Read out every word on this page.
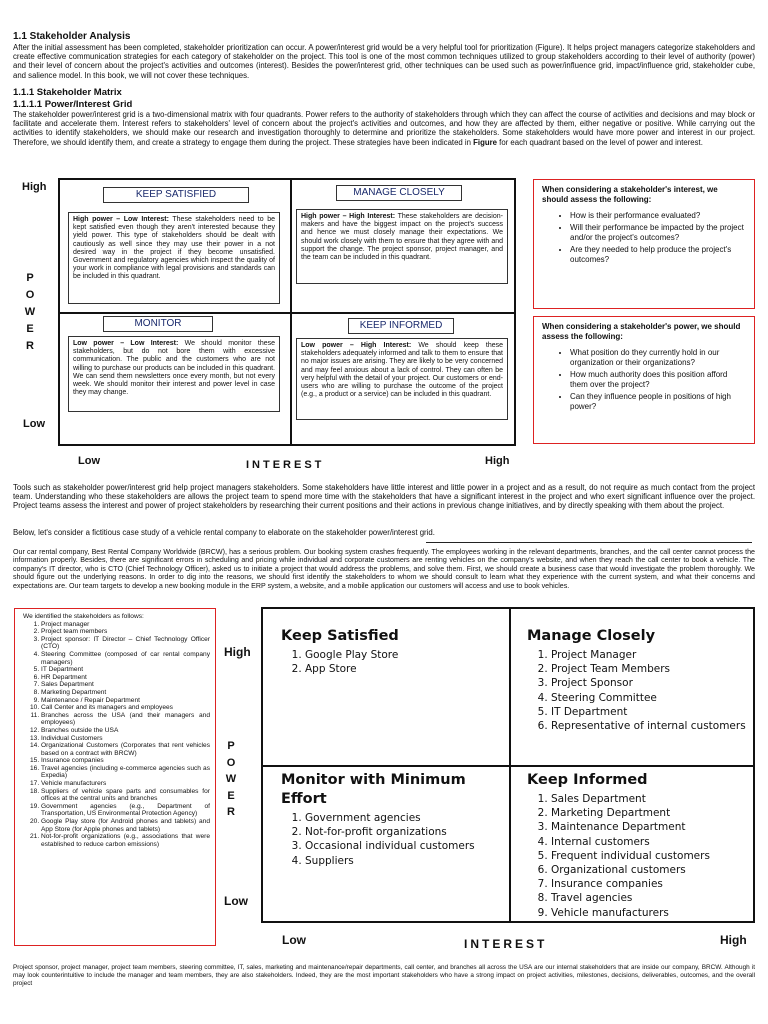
1.1 Stakeholder Analysis
After the initial assessment has been completed, stakeholder prioritization can occur. A power/interest grid would be a very helpful tool for prioritization (Figure). It helps project managers categorize stakeholders and create effective communication strategies for each category of stakeholder on the project. This tool is one of the most common techniques utilized to group stakeholders according to their level of authority (power) and their level of concern about the project's activities and outcomes (interest). Besides the power/interest grid, other techniques can be used such as power/influence grid, impact/influence grid, stakeholder cube, and salience model. In this book, we will not cover these techniques.
1.1.1 Stakeholder Matrix
1.1.1.1 Power/Interest Grid
The stakeholder power/interest grid is a two-dimensional matrix with four quadrants. Power refers to the authority of stakeholders through which they can affect the course of activities and decisions and may block or facilitate and accelerate them. Interest refers to stakeholders' level of concern about the project's activities and outcomes, and how they are affected by them, either negative or positive. While carrying out the activities to identify stakeholders, we should make our research and investigation thoroughly to determine and prioritize the stakeholders. Some stakeholders would have more power and interest in our project. Therefore, we should identify them, and create a strategy to engage them during the project. These strategies have been indicated in Figure for each quadrant based on the level of power and interest.
High
P
O
W
E
R
Low
KEEP SATISFIED
High power – Low Interest: These stakeholders need to be kept satisfied even though they aren't interested because they yield power. This type of stakeholders should be dealt with cautiously as well since they may use their power in a not desired way in the project if they become unsatisfied. Government and regulatory agencies which inspect the quality of your work in compliance with legal provisions and standards can be included in this quadrant.
MANAGE CLOSELY
High power – High Interest: These stakeholders are decision-makers and have the biggest impact on the project's success and hence we must closely manage their expectations. We should work closely with them to ensure that they agree with and support the change. The project sponsor, project manager, and the team can be included in this quadrant.
MONITOR
Low power – Low Interest: We should monitor these stakeholders, but do not bore them with excessive communication. The public and the customers who are not willing to purchase our products can be included in this quadrant. We can send them newsletters once every month, but not every week. We should monitor their interest and power level in case they may change.
KEEP INFORMED
Low power – High Interest: We should keep these stakeholders adequately informed and talk to them to ensure that no major issues are arising. They are likely to be very concerned and may feel anxious about a lack of control. They can often be very helpful with the detail of your project. Our customers or end-users who are willing to purchase the outcome of the project (e.g., a product or a service) can be included in this quadrant.
Low	INTEREST	High
When considering a stakeholder's interest, we should assess the following:
• How is their performance evaluated?
• Will their performance be impacted by the project and/or the project's outcomes?
• Are they needed to help produce the project's outcomes?
When considering a stakeholder's power, we should assess the following:
• What position do they currently hold in our organization or their organizations?
• How much authority does this position afford them over the project?
• Can they influence people in positions of high power?
Tools such as stakeholder power/interest grid help project managers stakeholders. Some stakeholders have little interest and little power in a project and as a result, do not require as much contact from the project team. Understanding who these stakeholders are allows the project team to spend more time with the stakeholders that have a significant interest in the project and who exert significant influence over the project. Project teams assess the interest and power of project stakeholders by researching their current positions and their actions in previous change initiatives, and by directly speaking with them about the project.
Below, let's consider a fictitious case study of a vehicle rental company to elaborate on the stakeholder power/interest grid.
Our car rental company, Best Rental Company Worldwide (BRCW), has a serious problem. Our booking system crashes frequently. The employees working in the relevant departments, branches, and the call center cannot process the information properly. Besides, there are significant errors in scheduling and pricing while individual and corporate customers are renting vehicles on the company's website, and when they reach the call center to book a vehicle. The company's IT director, who is CTO (Chief Technology Officer), asked us to initiate a project that would address the problems, and solve them. First, we should create a business case that would investigate the problem thoroughly. We should figure out the underlying reasons. In order to dig into the reasons, we should first identify the stakeholders to whom we should consult to learn what they experience with the current system, and what their concerns and expectations are. Our team targets to develop a new booking module in the ERP system, a website, and a mobile application our customers will access and use to book vehicles.
We identified the stakeholders as follows:
1. Project manager
2. Project team members
3. Project sponsor: IT Director – Chief Technology Officer (CTO)
4. Steering Committee (composed of car rental company managers)
5. IT Department
6. HR Department
7. Sales Department
8. Marketing Department
9. Maintenance / Repair Department
10. Call Center and its managers and employees
11. Branches across the USA (and their managers and employees)
12. Branches outside the USA
13. Individual Customers
14. Organizational Customers (Corporates that rent vehicles based on a contract with BRCW)
15. Insurance companies
16. Travel agencies (including e-commerce agencies such as Expedia)
17. Vehicle manufacturers
18. Suppliers of vehicle spare parts and consumables for offices at the central units and branches
19. Government agencies (e.g., Department of Transportation, US Environmental Protection Agency)
20. Google Play store (for Android phones and tablets) and App Store (for Apple phones and tablets)
21. Not-for-profit organizations (e.g., associations that were established to reduce carbon emissions)
High
P
O
W
E
R
Low
Keep Satisfied
1. Google Play Store
2. App Store
Manage Closely
1. Project Manager
2. Project Team Members
3. Project Sponsor
4. Steering Committee
5. IT Department
6. Representative of internal customers
Monitor with Minimum
Effort
1. Government agencies
2. Not-for-profit organizations
3. Occasional individual customers
4. Suppliers
Keep Informed
1. Sales Department
2. Marketing Department
3. Maintenance Department
4. Internal customers
5. Frequent individual customers
6. Organizational customers
7. Insurance companies
8. Travel agencies
9. Vehicle manufacturers
Low	INTEREST	High
Project sponsor, project manager, project team members, steering committee, IT, sales, marketing and maintenance/repair departments, call center, and branches all across the USA are our internal stakeholders that are inside our company, BRCW. Although it may look counterintuitive to include the manager and team members, they are also stakeholders. Indeed, they are the most important stakeholders who have a strong impact on project activities, milestones, decisions, deliverables, outcomes, and the overall project
